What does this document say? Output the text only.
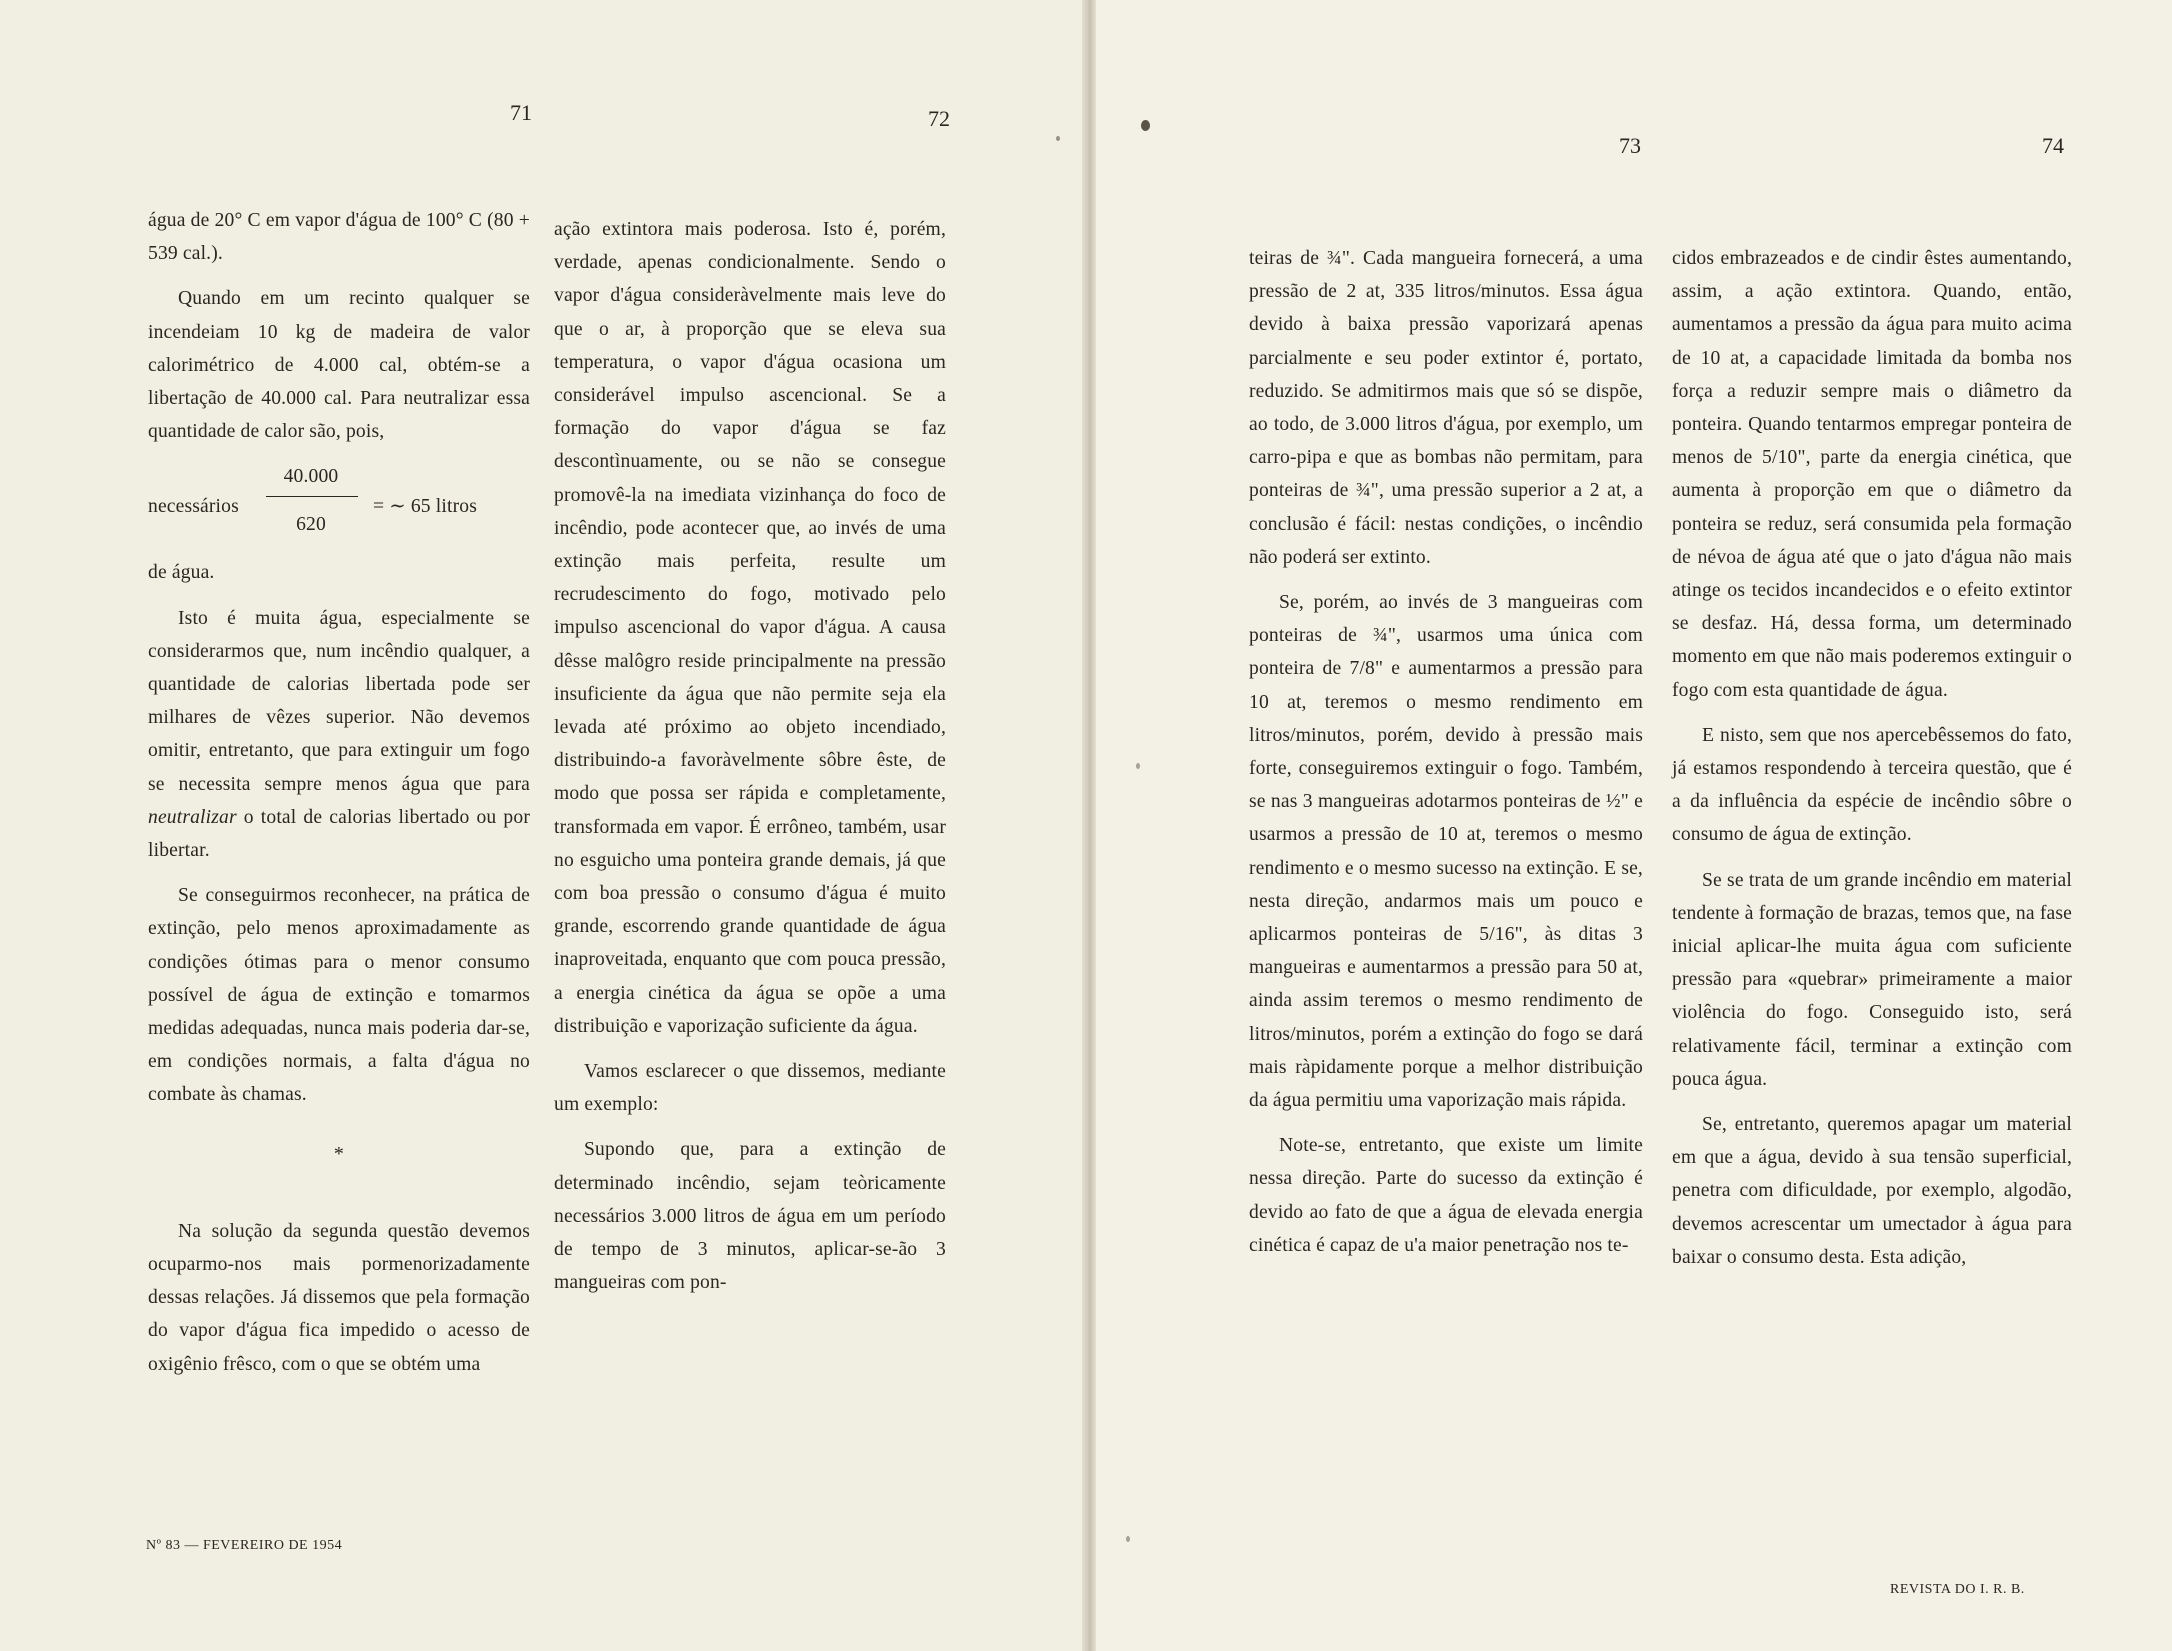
71	72
73	74

água de 20° C em vapor d'água de 100° C (80 + 539 cal.).

Quando em um recinto qualquer se incendeiam 10 kg de madeira de valor calorimétrico de 4.000 cal, obtém-se a libertação de 40.000 cal. Para neutralizar essa quantidade de calor são, pois,

necessários
40.000
620
= ∼ 65 litros

de água.

Isto é muita água, especialmente se considerarmos que, num incêndio qualquer, a quantidade de calorias libertada pode ser milhares de vêzes superior. Não devemos omitir, entretanto, que para extinguir um fogo se necessita sempre menos água que para neutralizar o total de calorias libertado ou por libertar.

Se conseguirmos reconhecer, na prática de extinção, pelo menos aproximadamente as condições ótimas para o menor consumo possível de água de extinção e tomarmos medidas adequadas, nunca mais poderia dar-se, em condições normais, a falta d'água no combate às chamas.

*

Na solução da segunda questão devemos ocuparmo-nos mais pormenorizadamente dessas relações. Já dissemos que pela formação do vapor d'água fica impedido o acesso de oxigênio frêsco, com o que se obtém uma

ação extintora mais poderosa. Isto é, porém, verdade, apenas condicionalmente. Sendo o vapor d'água consideràvelmente mais leve do que o ar, à proporção que se eleva sua temperatura, o vapor d'água ocasiona um considerável impulso ascencional. Se a formação do vapor d'água se faz descontìnuamente, ou se não se consegue promovê-la na imediata vizinhança do foco de incêndio, pode acontecer que, ao invés de uma extinção mais perfeita, resulte um recrudescimento do fogo, motivado pelo impulso ascencional do vapor d'água. A causa dêsse malôgro reside principalmente na pressão insuficiente da água que não permite seja ela levada até próximo ao objeto incendiado, distribuindo-a favoràvelmente sôbre êste, de modo que possa ser rápida e completamente, transformada em vapor. É errôneo, também, usar no esguicho uma ponteira grande demais, já que com boa pressão o consumo d'água é muito grande, escorrendo grande quantidade de água inaproveitada, enquanto que com pouca pressão, a energia cinética da água se opõe a uma distribuição e vaporização suficiente da água.

Vamos esclarecer o que dissemos, mediante um exemplo:

Supondo que, para a extinção de determinado incêndio, sejam teòricamente necessários 3.000 litros de água em um período de tempo de 3 minutos, aplicar-se-ão 3 mangueiras com pon-

teiras de ¾". Cada mangueira fornecerá, a uma pressão de 2 at, 335 litros/minutos. Essa água devido à baixa pressão vaporizará apenas parcialmente e seu poder extintor é, portato, reduzido. Se admitirmos mais que só se dispõe, ao todo, de 3.000 litros d'água, por exemplo, um carro-pipa e que as bombas não permitam, para ponteiras de ¾", uma pressão superior a 2 at, a conclusão é fácil: nestas condições, o incêndio não poderá ser extinto.

Se, porém, ao invés de 3 mangueiras com ponteiras de ¾", usarmos uma única com ponteira de 7/8" e aumentarmos a pressão para 10 at, teremos o mesmo rendimento em litros/minutos, porém, devido à pressão mais forte, conseguiremos extinguir o fogo. Também, se nas 3 mangueiras adotarmos ponteiras de ½" e usarmos a pressão de 10 at, teremos o mesmo rendimento e o mesmo sucesso na extinção. E se, nesta direção, andarmos mais um pouco e aplicarmos ponteiras de 5/16", às ditas 3 mangueiras e aumentarmos a pressão para 50 at, ainda assim teremos o mesmo rendimento de litros/minutos, porém a extinção do fogo se dará mais ràpidamente porque a melhor distribuição da água permitiu uma vaporização mais rápida.

Note-se, entretanto, que existe um limite nessa direção. Parte do sucesso da extinção é devido ao fato de que a água de elevada energia cinética é capaz de u'a maior penetração nos te-

cidos embrazeados e de cindir êstes aumentando, assim, a ação extintora. Quando, então, aumentamos a pressão da água para muito acima de 10 at, a capacidade limitada da bomba nos força a reduzir sempre mais o diâmetro da ponteira. Quando tentarmos empregar ponteira de menos de 5/10", parte da energia cinética, que aumenta à proporção em que o diâmetro da ponteira se reduz, será consumida pela formação de névoa de água até que o jato d'água não mais atinge os tecidos incandecidos e o efeito extintor se desfaz. Há, dessa forma, um determinado momento em que não mais poderemos extinguir o fogo com esta quantidade de água.

E nisto, sem que nos apercebêssemos do fato, já estamos respondendo à terceira questão, que é a da influência da espécie de incêndio sôbre o consumo de água de extinção.

Se se trata de um grande incêndio em material tendente à formação de brazas, temos que, na fase inicial aplicar-lhe muita água com suficiente pressão para «quebrar» primeiramente a maior violência do fogo. Conseguido isto, será relativamente fácil, terminar a extinção com pouca água.

Se, entretanto, queremos apagar um material em que a água, devido à sua tensão superficial, penetra com dificuldade, por exemplo, algodão, devemos acrescentar um umectador à água para baixar o consumo desta. Esta adição,

Nº 83 — FEVEREIRO DE 1954
REVISTA DO I. R. B.
